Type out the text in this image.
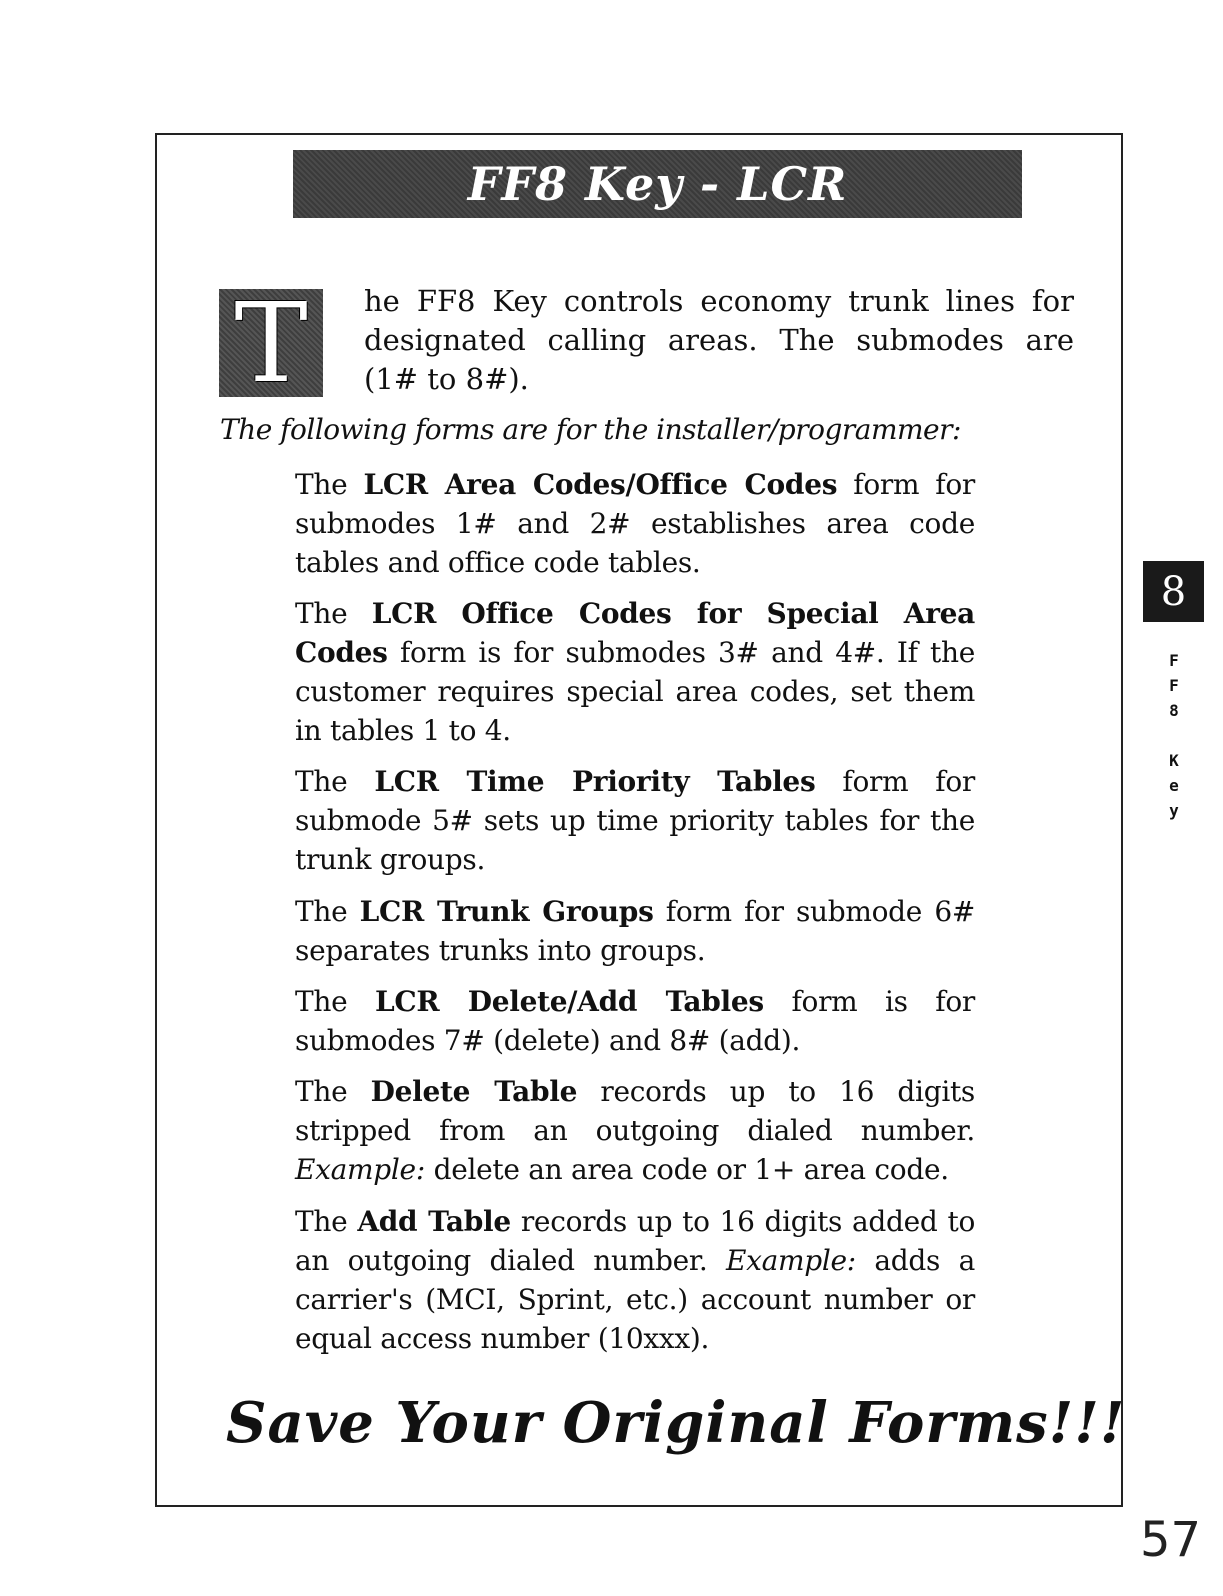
FF8 Key - LCR
T he FF8 Key controls economy trunk lines for designated calling areas. The submodes are (1# to 8#).
The following forms are for the installer/programmer:
The LCR Area Codes/Office Codes form for submodes 1# and 2# establishes area code tables and office code tables.
The LCR Office Codes for Special Area Codes form is for submodes 3# and 4#. If the customer requires special area codes, set them in tables 1 to 4.
The LCR Time Priority Tables form for submode 5# sets up time priority tables for the trunk groups.
The LCR Trunk Groups form for submode 6# separates trunks into groups.
The LCR Delete/Add Tables form is for submodes 7# (delete) and 8# (add).
The Delete Table records up to 16 digits stripped from an outgoing dialed number. Example: delete an area code or 1+ area code.
The Add Table records up to 16 digits added to an outgoing dialed number. Example: adds a carrier's (MCI, Sprint, etc.) account number or equal access number (10xxx).
Save Your Original Forms!!!
8
F
F
8
K
e
y
57
